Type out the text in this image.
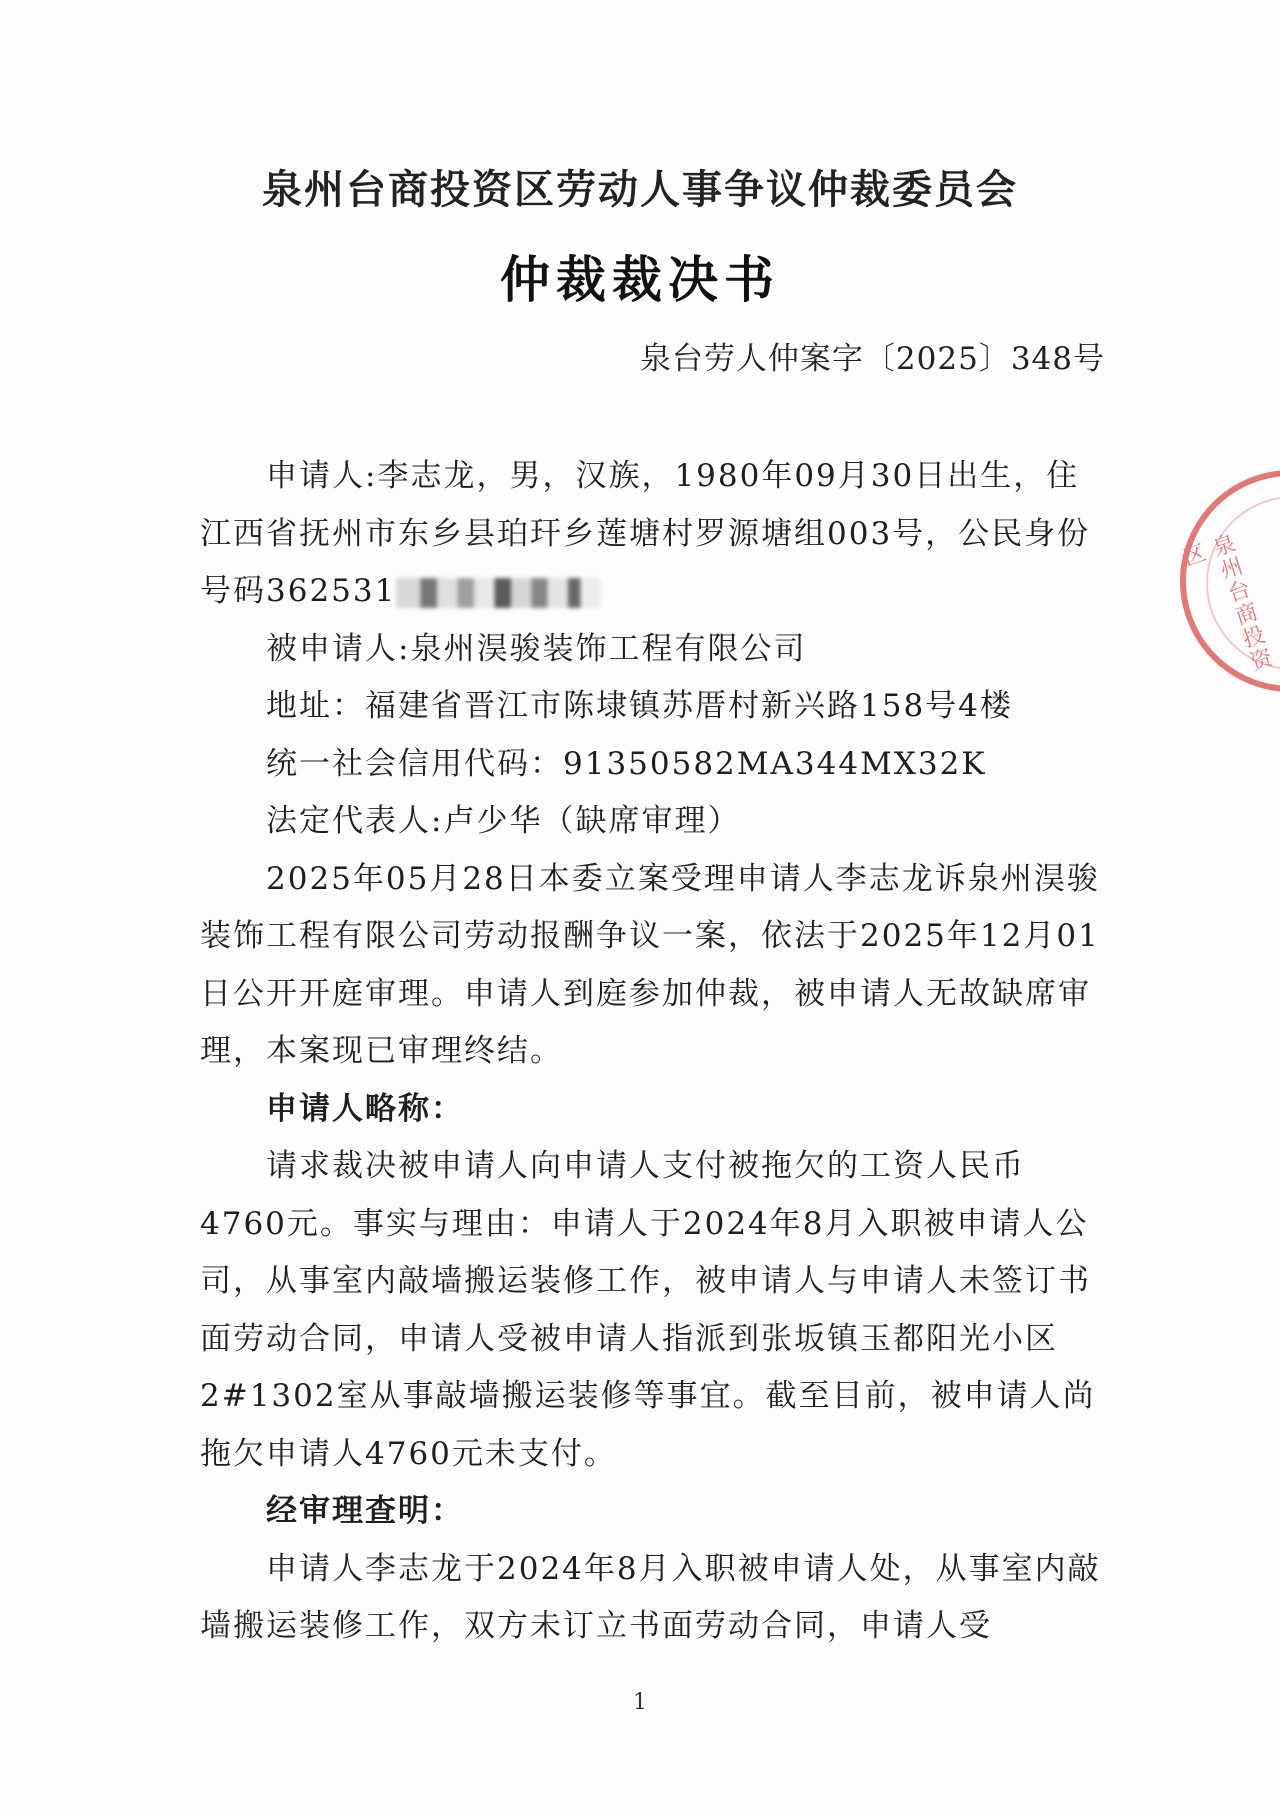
泉州台商投资区劳动人事争议仲裁委员会
仲裁裁决书
泉台劳人仲案字〔2025〕348号
泉州台商投资区

申请人:李志龙，男，汉族，1980年09月30日出生，住江西省抚州市东乡县珀玕乡莲塘村罗源塘组003号，公民身份号码362531

被申请人:泉州淏骏装饰工程有限公司

地址：福建省晋江市陈埭镇苏厝村新兴路158号4楼

统一社会信用代码：91350582MA344MX32K

法定代表人:卢少华（缺席审理）

2025年05月28日本委立案受理申请人李志龙诉泉州淏骏装饰工程有限公司劳动报酬争议一案，依法于2025年12月01日公开开庭审理。申请人到庭参加仲裁，被申请人无故缺席审理，本案现已审理终结。

申请人略称：

请求裁决被申请人向申请人支付被拖欠的工资人民币4760元。事实与理由：申请人于2024年8月入职被申请人公司，从事室内敲墙搬运装修工作，被申请人与申请人未签订书面劳动合同，申请人受被申请人指派到张坂镇玉都阳光小区2#1302室从事敲墙搬运装修等事宜。截至目前，被申请人尚拖欠申请人4760元未支付。

经审理查明：

申请人李志龙于2024年8月入职被申请人处，从事室内敲墙搬运装修工作，双方未订立书面劳动合同，申请人受

1
